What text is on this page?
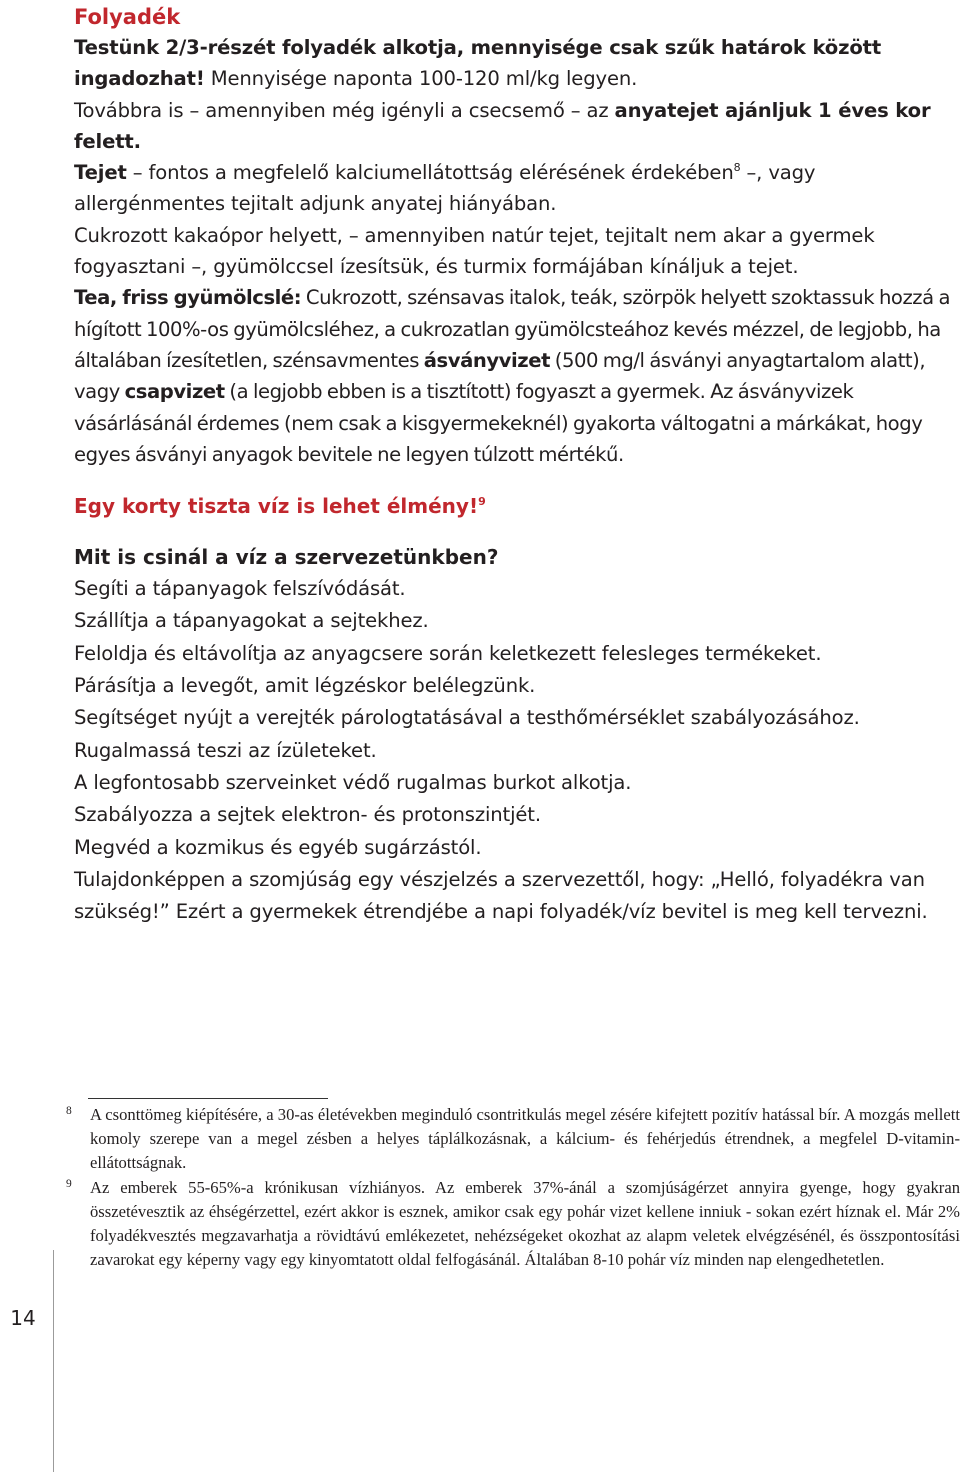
Folyadék

Testünk 2/3-részét folyadék alkotja, mennyisége csak szűk határok között ingadozhat! Mennyisége naponta 100-120 ml/kg legyen.

Továbbra is – amennyiben még igényli a csecsemő – az anyatejet ajánljuk 1 éves kor felett.

Tejet – fontos a megfelelő kalciumellátottság elérésének érdekében$^8$ –, vagy allergénmentes tejitalt adjunk anyatej hiányában.

Cukrozott kakaópor helyett, – amennyiben natúr tejet, tejitalt nem akar a gyermek fogyasztani –, gyümölccsel ízesítsük, és turmix formájában kínáljuk a tejet.

Tea, friss gyümölcslé: Cukrozott, szénsavas italok, teák, szörpök helyett szoktassuk hozzá a hígított 100%-os gyümölcsléhez, a cukrozatlan gyümölcsteához kevés mézzel, de legjobb, ha általában ízesítetlen, szénsavmentes ásványvizet (500 mg/l ásványi anyagtartalom alatt), vagy csapvizet (a legjobb ebben is a tisztított) fogyaszt a gyermek. Az ásványvizek vásárlásánál érdemes (nem csak a kisgyermekeknél) gyakorta váltogatni a márkákat, hogy egyes ásványi anyagok bevitele ne legyen túlzott mértékű.

Egy korty tiszta víz is lehet élmény!$^9$
Mit is csinál a víz a szervezetünkben?

Segíti a tápanyagok felszívódását.

Szállítja a tápanyagokat a sejtekhez.

Feloldja és eltávolítja az anyagcsere során keletkezett felesleges termékeket.

Párásítja a levegőt, amit légzéskor belélegzünk.

Segítséget nyújt a verejték párologtatásával a testhőmérséklet szabályozásához.

Rugalmassá teszi az ízületeket.

A legfontosabb szerveinket védő rugalmas burkot alkotja.

Szabályozza a sejtek elektron- és protonszintjét.

Megvéd a kozmikus és egyéb sugárzástól.

Tulajdonképpen a szomjúság egy vészjelzés a szervezettől, hogy: „Helló, folyadékra van szükség!” Ezért a gyermekek étrendjébe a napi folyadék/víz bevitel is meg kell tervezni.

8 A csonttömeg kiépítésére, a 30-as életévekben meginduló csontritkulás megel zésére kifejtett pozitív hatással bír. A mozgás mellett komoly szerepe van a megel zésben a helyes táplálkozásnak, a kálcium- és fehérjedús étrendnek, a megfelel D-vitamin-ellátottságnak.
9 Az emberek 55-65%-a krónikusan vízhiányos. Az emberek 37%-ánál a szomjúságérzet annyira gyenge, hogy gyakran összetévesztik az éhségérzettel, ezért akkor is esznek, amikor csak egy pohár vizet kellene inniuk - sokan ezért híznak el. Már 2% folyadékvesztés megzavarhatja a rövidtávú emlékezetet, nehézségeket okozhat az alapm veletek elvégzésénél, és összpontosítási zavarokat egy képerny vagy egy kinyomtatott oldal felfogásánál. Általában 8-10 pohár víz minden nap elengedhetetlen.
14
